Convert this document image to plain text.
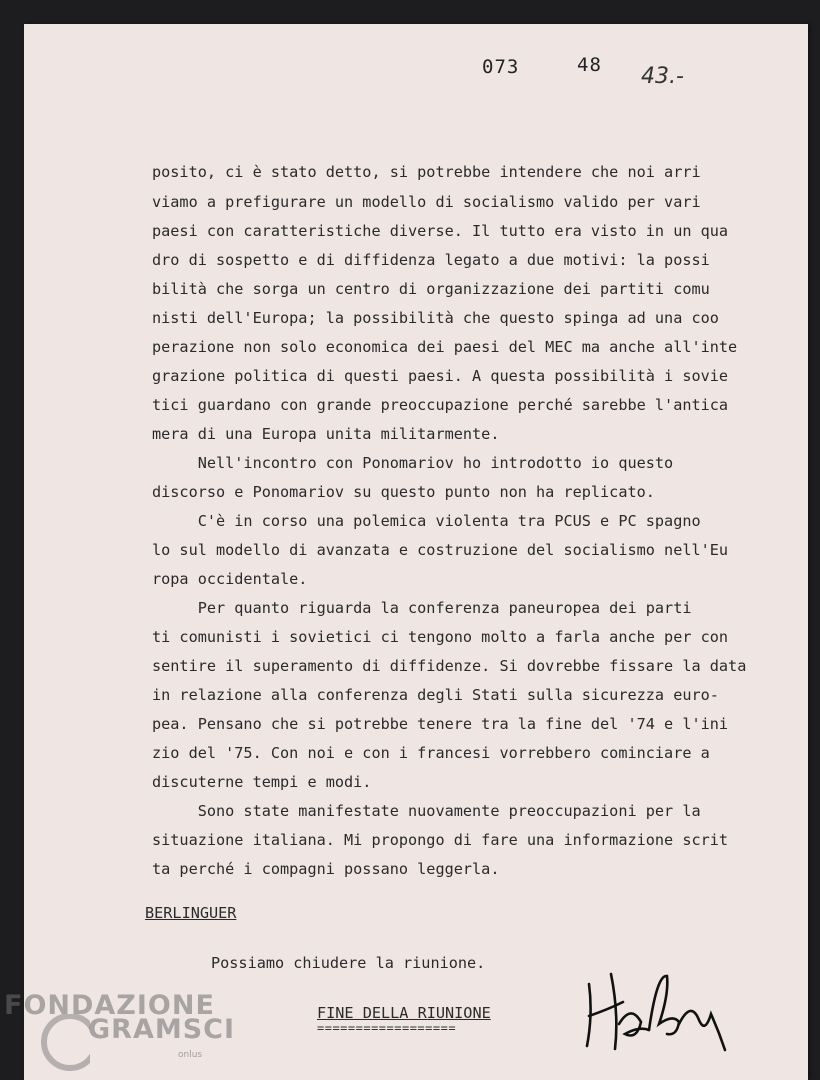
073	48 43.-
posito, ci è stato detto, si potrebbe intendere che noi arri
viamo a prefigurare un modello di socialismo valido per vari
paesi con caratteristiche diverse. Il tutto era visto in un qua
dro di sospetto e di diffidenza legato a due motivi: la possi
bilità che sorga un centro di organizzazione dei partiti comu
nisti dell'Europa; la possibilità che questo spinga ad una coo
perazione non solo economica dei paesi del MEC ma anche all'inte
grazione politica di questi paesi. A questa possibilità i sovie
tici guardano con grande preoccupazione perché sarebbe l'antica
mera di una Europa unita militarmente.
Nell'incontro con Ponomariov ho introdotto io questo
discorso e Ponomariov su questo punto non ha replicato.
C'è in corso una polemica violenta tra PCUS e PC spagno
lo sul modello di avanzata e costruzione del socialismo nell'Eu
ropa occidentale.
Per quanto riguarda la conferenza paneuropea dei parti
ti comunisti i sovietici ci tengono molto a farla anche per con
sentire il superamento di diffidenze. Si dovrebbe fissare la data
in relazione alla conferenza degli Stati sulla sicurezza euro-
pea. Pensano che si potrebbe tenere tra la fine del '74 e l'ini
zio del '75. Con noi e con i francesi vorrebbero cominciare a
discuterne tempi e modi.
Sono state manifestate nuovamente preoccupazioni per la
situazione italiana. Mi propongo di fare una informazione scrit
ta perché i compagni possano leggerla.
BERLINGUER
Possiamo chiudere la riunione.
FINE DELLA RIUNIONE
==================
FONDAZIONE
GRAMSCI
onlus
